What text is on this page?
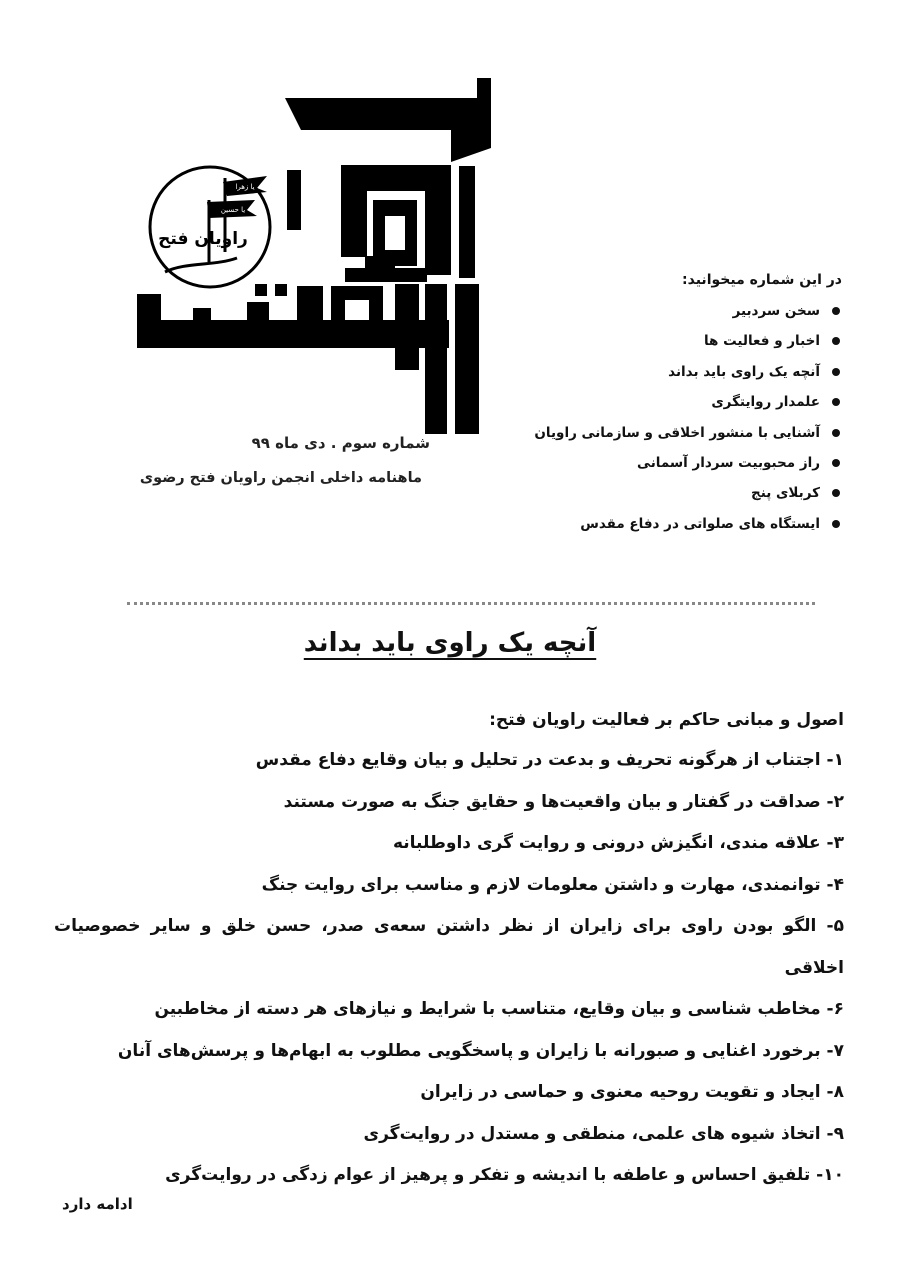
یا زهرا
یا حسین
راویان فتح
شماره سوم . دی ماه ۹۹
ماهنامه داخلی انجمن راویان فتح رضوی
در این شماره میخوانید:
سخن سردبیر
اخبار و فعالیت ها
آنچه یک راوی باید بداند
علمدار روایتگری
آشنایی با منشور اخلاقی و سازمانی راویان
راز محبوبیت سردار آسمانی
کربلای پنج
ایستگاه های صلواتی در دفاع مقدس
آنچه یک راوی باید بداند

اصول و مبانی حاکم بر فعالیت راویان فتح:

۱- اجتناب از هرگونه تحریف و بدعت در تحلیل و بیان وقایع دفاع مقدس
۲- صداقت در گفتار و بیان واقعیت‌ها و حقایق جنگ به صورت مستند
۳- علاقه مندی، انگیزش درونی و روایت گری داوطلبانه
۴- توانمندی، مهارت و داشتن معلومات لازم و مناسب برای روایت جنگ
۵- الگو بودن راوی برای زایران از نظر داشتن سعه‌ی صدر، حسن خلق و سایر خصوصیات اخلاقی
۶- مخاطب شناسی و بیان وقایع، متناسب با شرایط و نیازهای هر دسته از مخاطبین
۷- برخورد اغنایی و صبورانه با زایران و پاسخگویی مطلوب به ابهام‌ها و پرسش‌های آنان
۸- ایجاد و تقویت روحیه معنوی و حماسی در زایران
۹- اتخاذ شیوه های علمی، منطقی و مستدل در روایت‌گری
۱۰- تلفیق احساس و عاطفه با اندیشه و تفکر و پرهیز از عوام زدگی در روایت‌گری
ادامه دارد
